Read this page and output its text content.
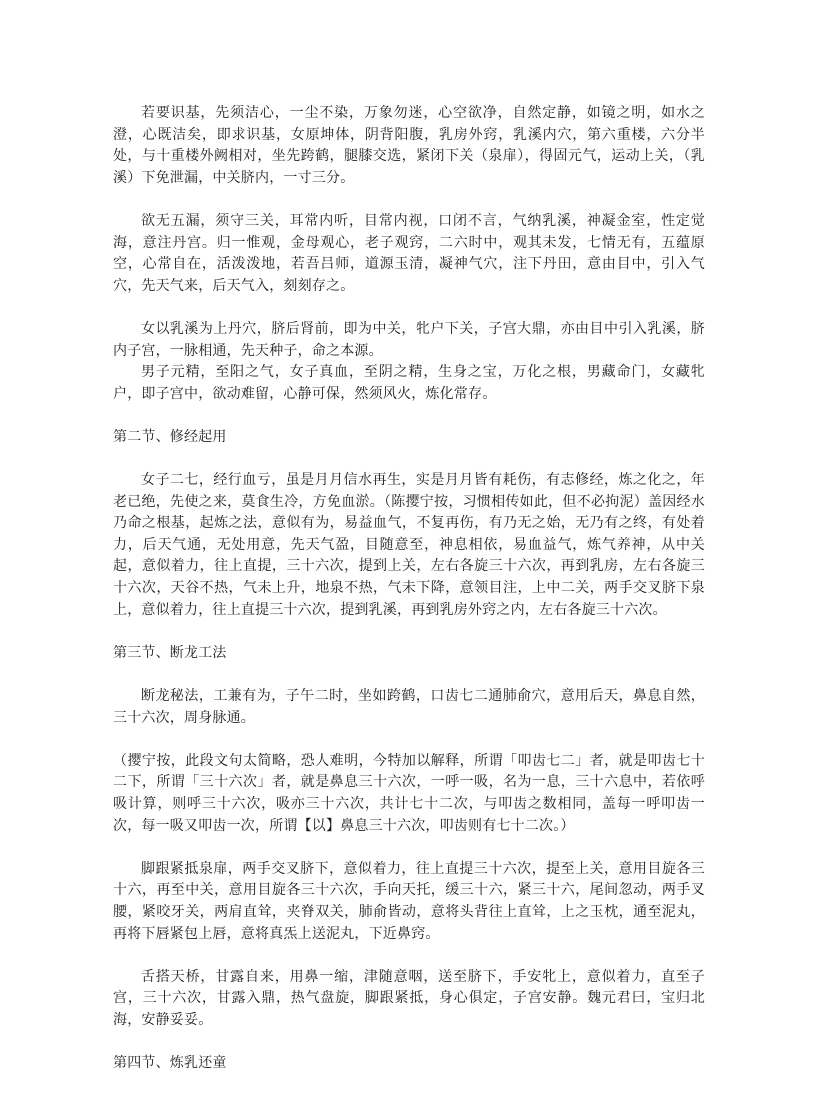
若要识基，先须洁心，一尘不染，万象勿迷，心空欲净，自然定静，如镜之明，如水之澄，心既洁矣，即求识基，女原坤体，阴背阳腹，乳房外窍，乳溪内穴，第六重楼，六分半处，与十重楼外阙相对，坐先跨鹤，腿膝交选，紧闭下关（泉扉），得固元气，运动上关，（乳溪）下免泄漏，中关脐内，一寸三分。

欲无五漏，须守三关，耳常内听，目常内视，口闭不言，气纳乳溪，神凝金室，性定觉海，意注丹宫。归一惟观，金母观心，老子观窍，二六时中，观其未发，七情无有，五蕴原空，心常自在，活泼泼地，若吾吕师，道源玉清，凝神气穴，注下丹田，意由目中，引入气穴，先天气来，后天气入，刻刻存之。

女以乳溪为上丹穴，脐后肾前，即为中关，牝户下关，子宫大鼎，亦由目中引入乳溪，脐内子宫，一脉相通，先天种子，命之本源。

男子元精，至阳之气，女子真血，至阴之精，生身之宝，万化之根，男藏命门，女藏牝户，即子宫中，欲动难留，心静可保，然须风火，炼化常存。

第二节、修经起用

女子二七，经行血亏，虽是月月信水再生，实是月月皆有耗伤，有志修经，炼之化之，年老已绝，先使之来，莫食生冷，方免血淤。（陈撄宁按，习惯相传如此，但不必拘泥）盖因经水乃命之根基，起炼之法，意似有为，易益血气，不复再伤，有乃无之始，无乃有之终，有处着力，后天气通，无处用意，先天气盈，目随意至，神息相依，易血益气，炼气养神，从中关起，意似着力，往上直提，三十六次，提到上关，左右各旋三十六次，再到乳房，左右各旋三十六次，天谷不热，气未上升，地泉不热，气未下降，意领目注，上中二关，两手交叉脐下泉上，意似着力，往上直提三十六次，提到乳溪，再到乳房外窍之内，左右各旋三十六次。

第三节、断龙工法

断龙秘法，工兼有为，子午二时，坐如跨鹤，口齿七二通肺俞穴，意用后天，鼻息自然，三十六次，周身脉通。

（撄宁按，此段文句太简略，恐人难明，今特加以解释，所谓「叩齿七二」者，就是叩齿七十二下，所谓「三十六次」者，就是鼻息三十六次，一呼一吸，名为一息，三十六息中，若依呼吸计算，则呼三十六次，吸亦三十六次，共计七十二次，与叩齿之数相同，盖每一呼叩齿一次，每一吸又叩齿一次，所谓【以】鼻息三十六次，叩齿则有七十二次。）

脚跟紧抵泉扉，两手交叉脐下，意似着力，往上直提三十六次，提至上关，意用目旋各三十六，再至中关，意用目旋各三十六次，手向天托，缓三十六，紧三十六，尾间忽动，两手叉腰，紧咬牙关，两肩直耸，夹脊双关，肺俞皆动，意将头背往上直耸，上之玉枕，通至泥丸，再将下唇紧包上唇，意将真炁上送泥丸，下近鼻窍。

舌搭天桥，甘露自来，用鼻一缩，津随意咽，送至脐下，手安牝上，意似着力，直至子宫，三十六次，甘露入鼎，热气盘旋，脚跟紧抵，身心俱定，子宫安静。魏元君曰，宝归北海，安静妥妥。

第四节、炼乳还童
